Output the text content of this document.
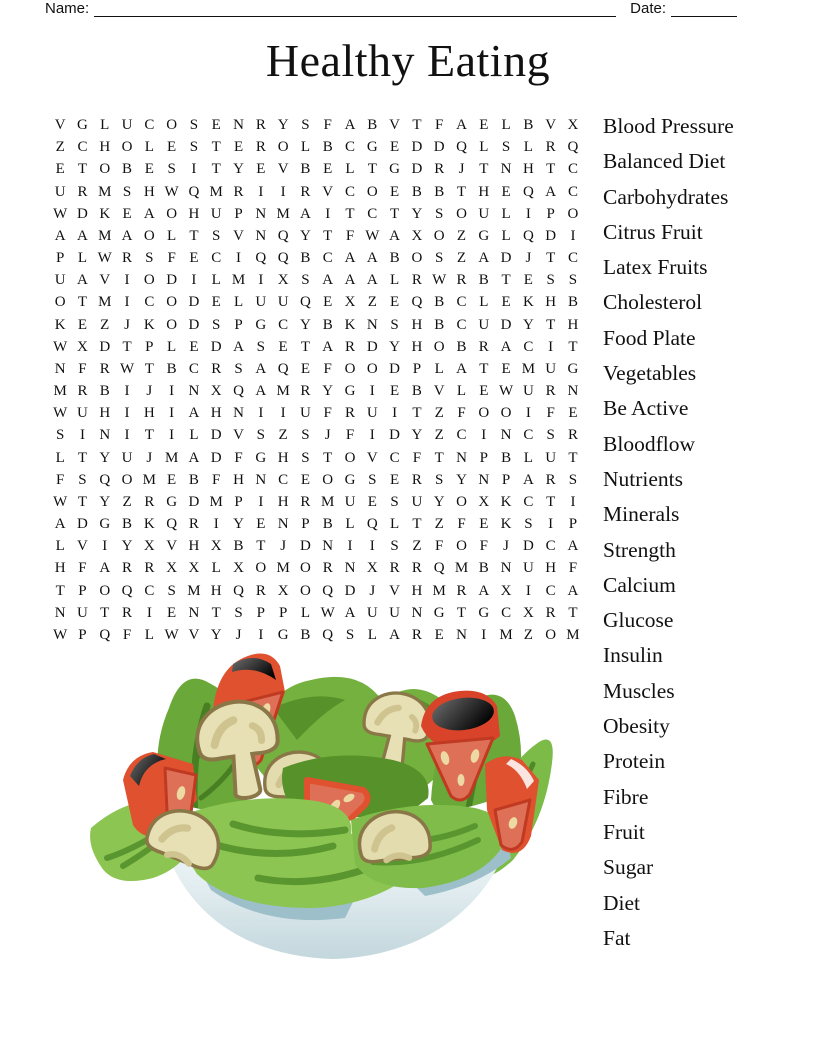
Name:	Date:
Healthy Eating
V G L U C O S E N R Y S F A B V T F A E L B V X
Z C H O L E S T E R O L B C G E D D Q L S L R Q
E T O B E S	I	T Y E V B E L T G D R J T N H T C
U R M S H W Q M R I	I R V C O E B B T H E Q A C
W D K E A O H U P N M A I	T C T Y S O U L	I	P O
A A M A O L T S V N Q Y T F W A X O Z G L Q D I
P L W R S F E C I Q Q B C A A B O S Z A D J T C
U A V I O D I	L M I X S A A A L R W R B T E S S
O T M I C O D E L U U Q E X Z E Q B C L E K H B
K E Z J K O D S P G C Y B K N S H B C U D Y T H
W X D T P L E D A S E T A R D Y H O B R A C I	T
N F R W T B C R S A Q E F O O D P L A T E M U G
M R B I	J	I N X Q A M R Y G I	E B V L E W U R N
W U H I H I A H N I	I U F R U I	T Z F O O I	F E
S	I N I	T	I	L D V S Z S	J	F	I D Y Z C I N C S R
L T Y U J M A D F G H S T O V C F T N P B L U T
F S Q O M E B F H N C E O G S E R S Y N P A R S
W T Y Z R G D M P	I H R M U E S U Y O X K C T	I
A D G B K Q R I Y E N P B L Q L T Z F E K S	I	P
L V I Y X V H X B T J D N I	I	S Z F O F	J D C A
H F A R R X X L X O M O R N X R R Q M B N U H F
T P O Q C S M H Q R X O Q D J V H M R A X I C A
N U T R I	E N T S P P L W A U U N G T G C X R T
W P Q F L W V Y J	I G B Q S L A R E N I M Z O M
Blood Pressure
Balanced Diet
Carbohydrates
Citrus Fruit
Latex Fruits
Cholesterol
Food Plate
Vegetables
Be Active
Bloodflow
Nutrients
Minerals
Strength
Calcium
Glucose
Insulin
Muscles
Obesity
Protein
Fibre
Fruit
Sugar
Diet
Fat
